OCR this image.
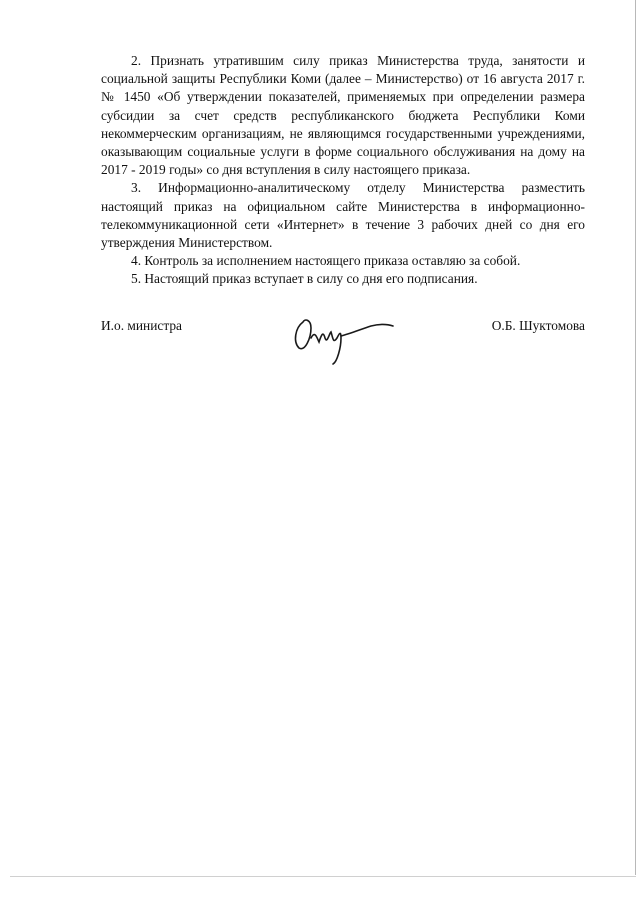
2. Признать утратившим силу приказ Министерства труда, занятости и социальной защиты Республики Коми (далее – Министерство) от 16 августа 2017 г. № 1450 «Об утверждении показателей, применяемых при определении размера субсидии за счет средств республиканского бюджета Республики Коми некоммерческим организациям, не являющимся государственными учреждениями, оказывающим социальные услуги в форме социального обслуживания на дому на 2017 - 2019 годы» со дня вступления в силу настоящего приказа.

3. Информационно-аналитическому отделу Министерства разместить настоящий приказ на официальном сайте Министерства в информационно-телекоммуникационной сети «Интернет» в течение 3 рабочих дней со дня его утверждения Министерством.

4. Контроль за исполнением настоящего приказа оставляю за собой.

5. Настоящий приказ вступает в силу со дня его подписания.

И.о. министра	О.Б. Шуктомова
